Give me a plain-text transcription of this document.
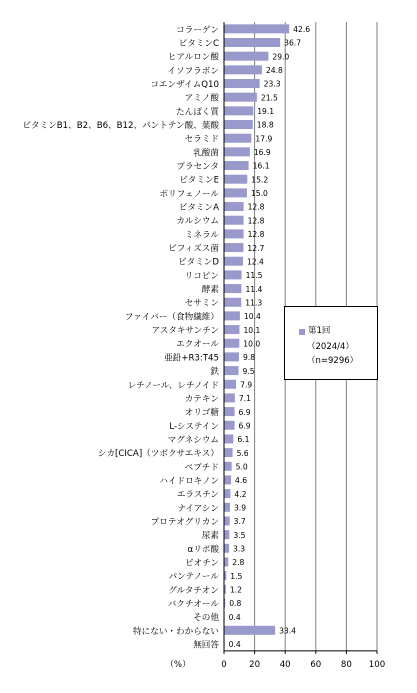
コラーゲン	42.6
ビタミンC	36.7
ヒアルロン酸	29.0
イソフラボン	24.8
コエンザイムQ10	23.3
アミノ酸	21.5
たんぱく質	19.1
ビタミンB1、B2、B6、B12、パントテン酸、葉酸	18.8
セラミド	17.9
乳酸菌	16.9
プラセンタ	16.1
ビタミンE	15.2
ポリフェノール	15.0
ビタミンA	12.8
カルシウム	12.8
ミネラル	12.8
ビフィズス菌	12.7
ビタミンD	12.4
リコピン	11.5
酵素	11.4
セサミン	11.3
ファイバー（食物繊維）	10.4
アスタキサンチン	10.1
エクオール	10.0
亜鉛+R3:T45	9.8
鉄	9.5
レチノール、レチノイド	7.9
カテキン	7.1
オリゴ糖	6.9
L-システイン	6.9
マグネシウム 6.1
シカ[CICA]（ツボクサエキス） 5.6
ペプチド 5.0
ハイドロキノン 4.6
エラスチン 4.2
ナイアシン 3.9
プロテオグリカン 3.7
尿素 3.5
αリポ酸 3.3
ビオチン 2.8
パンテノール 1.5
グルタチオン 1.2
バクチオール 0.8
その他 0.4
特にない・わからない	33.4
無回答 0.4
0	20 40 60 80 100
（%）
第1回
（2024/4）
（n=9296）
